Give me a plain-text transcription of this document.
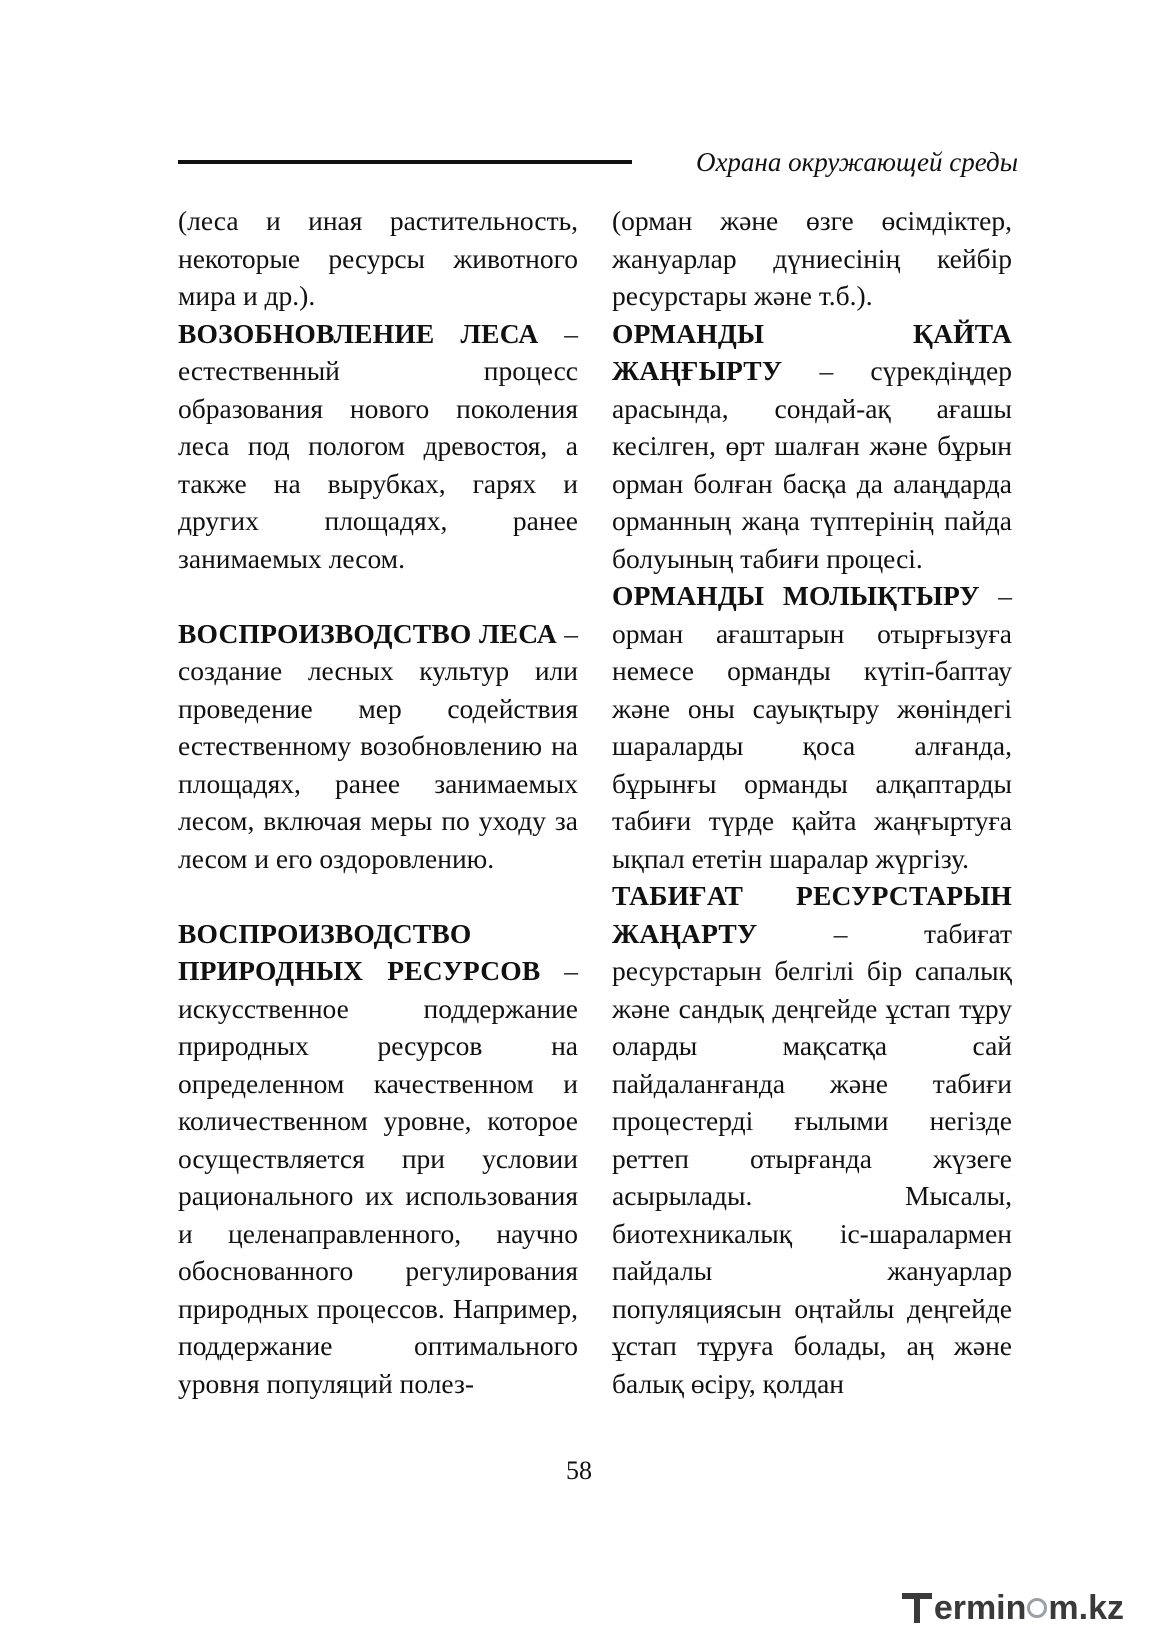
Охрана окружающей среды

(леса и иная растительность, некоторые ресурсы животного мира и др.).

ВОЗОБНОВЛЕНИЕ ЛЕСА – естественный процесс образования нового поколения леса под пологом древостоя, а также на вырубках, гарях и других площадях, ранее занимаемых лесом.

ВОСПРОИЗВОДСТВО ЛЕСА – создание лесных культур или проведение мер содействия естественному возобновлению на площадях, ранее занимаемых лесом, включая меры по уходу за лесом и его оздоровлению.

ВОСПРОИЗВОДСТВО ПРИРОДНЫХ РЕСУРСОВ – искусственное поддержание природных ресурсов на определенном качественном и количественном уровне, которое осуществляется при условии рационального их использования и целенаправленного, научно обоснованного регулирования природных процессов. Например, поддержание оптимального уровня популяций полез-

(орман және өзге өсімдіктер, жануарлар дүниесінің кейбір ресурстары және т.б.).

ОРМАНДЫ ҚАЙТА ЖАҢҒЫРТУ – сүрекдіңдер арасында, сондай-ақ ағашы кесілген, өрт шалған және бұрын орман болған басқа да алаңдарда орманның жаңа түптерінің пайда болуының табиғи процесі.

ОРМАНДЫ МОЛЫҚТЫРУ – орман ағаштарын отырғызуға немесе орманды күтіп-баптау және оны сауықтыру жөніндегі шараларды қоса алғанда, бұрынғы орманды алқаптарды табиғи түрде қайта жаңғыртуға ықпал ететін шаралар жүргізу.

ТАБИҒАТ РЕСУРСТАРЫН ЖАҢАРТУ – табиғат ресурстарын белгілі бір сапалық және сандық деңгейде ұстап тұру оларды мақсатқа сай пайдаланғанда және табиғи процестерді ғылыми негізде реттеп отырғанда жүзеге асырылады. Мысалы, биотехникалық іс-шаралармен пайдалы жануарлар популяциясын оңтайлы деңгейде ұстап тұруға болады, аң және балық өсіру, қолдан

58
ermin m.kz
